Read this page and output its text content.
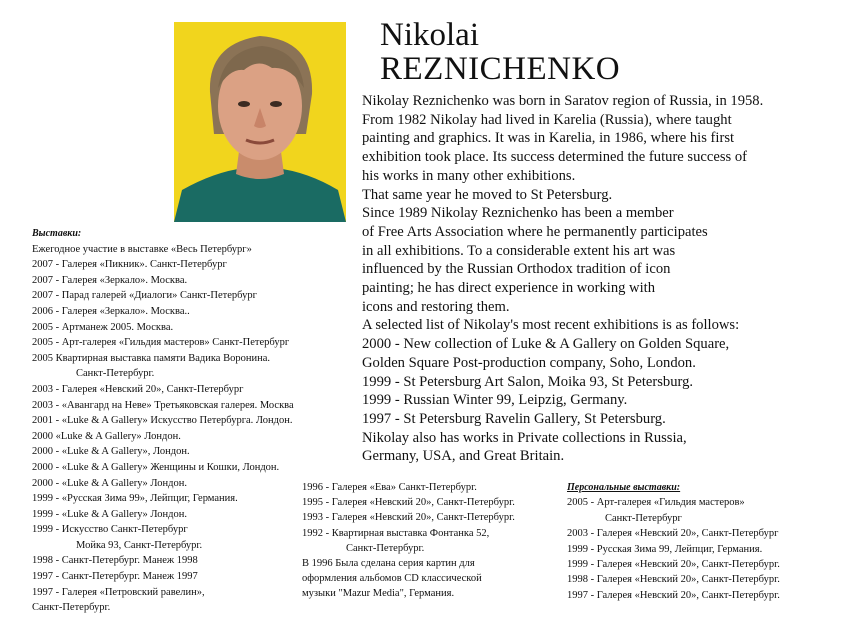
Nikolai
REZNICHENKO
Nikolay Reznichenko was born in Saratov region of Russia, in 1958.
From 1982 Nikolay had lived in Karelia (Russia), where taught
painting and graphics. It was in Karelia, in 1986, where his first
exhibition took place. Its success determined the future success of
his works in many other exhibitions.
That same year he moved to St Petersburg.
Since 1989 Nikolay Reznichenko has been a member
of Free Arts Association where he permanently participates
in all exhibitions. To a considerable extent his art was
influenced by the Russian Orthodox tradition of icon
painting; he has direct experience in working with
icons and restoring them.
A selected list of Nikolay's most recent exhibitions is as follows:
2000 - New collection of Luke & A Gallery on Golden Square,
Golden Square Post-production company, Soho, London.
1999 - St Petersburg Art Salon, Moika 93, St Petersburg.
1999 - Russian Winter 99, Leipzig, Germany.
1997 - St Petersburg Ravelin Gallery, St Petersburg.
Nikolay also has works in Private collections in Russia,
Germany, USA, and Great Britain.
Выставки:
Ежегодное участие в выставке «Весь Петербург»
2007 - Галерея «Пикник». Санкт-Петербург
2007 - Галерея «Зеркало». Москва.
2007 - Парад галерей «Диалоги» Санкт-Петербург
2006 - Галерея «Зеркало». Москва..
2005 - Артманеж 2005. Москва.
2005 - Арт-галерея «Гильдия мастеров» Санкт-Петербург
2005 Квартирная выставка памяти Вадика Воронина.
Санкт-Петербург.
2003 - Галерея «Невский 20», Санкт-Петербург
2003 - «Авангард на Неве» Третьяковская галерея. Москва
2001 - «Luke & A Gallery» Искусство Петербурга. Лондон.
2000 «Luke & A Gallery» Лондон.
2000 - «Luke & A Gallery», Лондон.
2000 - «Luke & A Gallery» Женщины и Кошки, Лондон.
2000 - «Luke & A Gallery» Лондон.
1999 - «Русская Зима 99», Лейпциг, Германия.
1999 - «Luke & A Gallery» Лондон.
1999 - Искусство Санкт-Петербург
Мойка 93, Санкт-Петербург.
1998 - Санкт-Петербург. Манеж 1998
1997 - Санкт-Петербург. Манеж 1997
1997 - Галерея «Петровский равелин»,
Санкт-Петербург.
1996 - Галерея «Ева» Санкт-Петербург.
1995 - Галерея «Невский 20», Санкт-Петербург.
1993 - Галерея «Невский 20», Санкт-Петербург.
1992 - Квартирная выставка Фонтанка 52,
Санкт-Петербург.
В 1996 Была сделана серия картин для
оформления альбомов CD классической
музыки "Mazur Media", Германия.
Персональные выставки:
2005 - Арт-галерея «Гильдия мастеров»
Санкт-Петербург
2003 - Галерея «Невский 20», Санкт-Петербург
1999 - Русская Зима 99, Лейпциг, Германия.
1999 - Галерея «Невский 20», Санкт-Петербург.
1998 - Галерея «Невский 20», Санкт-Петербург.
1997 - Галерея «Невский 20», Санкт-Петербург.
